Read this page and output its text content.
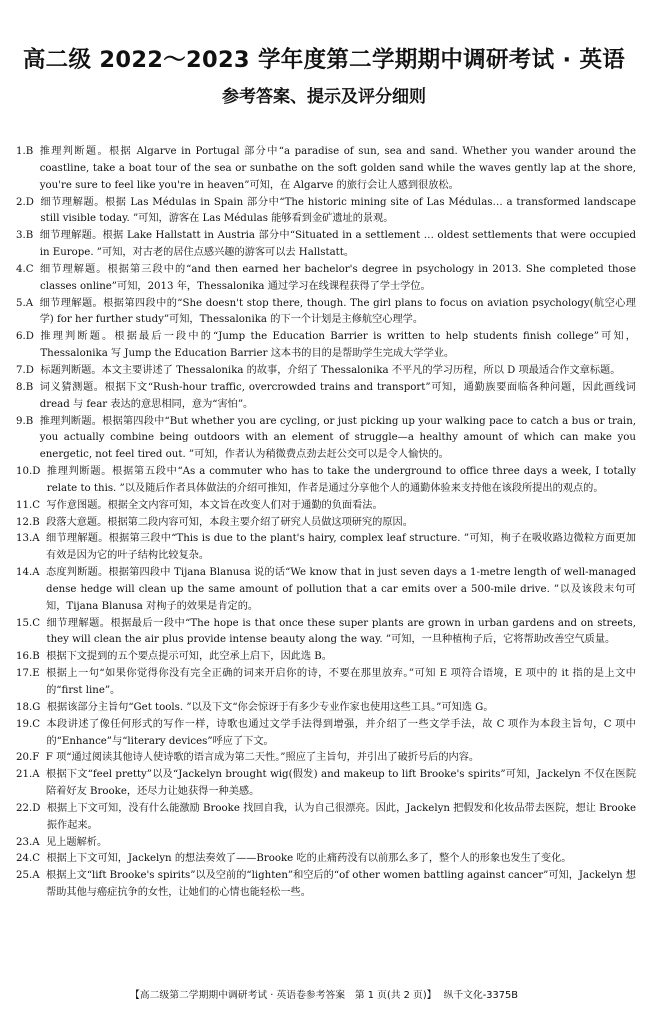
高二级 2022～2023 学年度第二学期期中调研考试 · 英语
参考答案、提示及评分细则
1.B 推理判断题。根据 Algarve in Portugal 部分中“a paradise of sun, sea and sand. Whether you wander around the coastline, take a boat tour of the sea or sunbathe on the soft golden sand while the waves gently lap at the shore, you're sure to feel like you're in heaven”可知，在 Algarve 的旅行会让人感到很放松。
2.D 细节理解题。根据 Las Médulas in Spain 部分中“The historic mining site of Las Médulas… a transformed landscape still visible today. ”可知，游客在 Las Médulas 能够看到金矿遗址的景观。
3.B 细节理解题。根据 Lake Hallstatt in Austria 部分中“Situated in a settlement … oldest settlements that were occupied in Europe. ”可知，对古老的居住点感兴趣的游客可以去 Hallstatt。
4.C 细节理解题。根据第三段中的“and then earned her bachelor's degree in psychology in 2013. She completed those classes online”可知，2013 年，Thessalonika 通过学习在线课程获得了学士学位。
5.A 细节理解题。根据第四段中的“She doesn't stop there, though. The girl plans to focus on aviation psychology(航空心理学) for her further study”可知，Thessalonika 的下一个计划是主修航空心理学。
6.D 推理判断题。根据最后一段中的“Jump the Education Barrier is written to help students finish college”可知，Thessalonika 写 Jump the Education Barrier 这本书的目的是帮助学生完成大学学业。
7.D 标题判断题。本文主要讲述了 Thessalonika 的故事，介绍了 Thessalonika 不平凡的学习历程，所以 D 项最适合作文章标题。
8.B 词义猜测题。根据下文“Rush-hour traffic, overcrowded trains and transport”可知，通勤族要面临各种问题，因此画线词 dread 与 fear 表达的意思相同，意为“害怕”。
9.B 推理判断题。根据第四段中“But whether you are cycling, or just picking up your walking pace to catch a bus or train, you actually combine being outdoors with an element of struggle—a healthy amount of which can make you energetic, not feel tired out. ”可知，作者认为稍微费点劲去赶公交可以是令人愉快的。
10.D 推理判断题。根据第五段中“As a commuter who has to take the underground to office three days a week, I totally relate to this. ”以及随后作者具体做法的介绍可推知，作者是通过分享他个人的通勤体验来支持他在该段所提出的观点的。
11.C 写作意图题。根据全文内容可知，本文旨在改变人们对于通勤的负面看法。
12.B 段落大意题。根据第二段内容可知，本段主要介绍了研究人员做这项研究的原因。
13.A 细节理解题。根据第三段中“This is due to the plant's hairy, complex leaf structure. ”可知，栒子在吸收路边微粒方面更加有效是因为它的叶子结构比较复杂。
14.A 态度判断题。根据第四段中 Tijana Blanusa 说的话“We know that in just seven days a 1-metre length of well-managed dense hedge will clean up the same amount of pollution that a car emits over a 500-mile drive. ”以及该段末句可知，Tijana Blanusa 对栒子的效果是肯定的。
15.C 细节理解题。根据最后一段中“The hope is that once these super plants are grown in urban gardens and on streets, they will clean the air plus provide intense beauty along the way. ”可知，一旦种植栒子后，它将帮助改善空气质量。
16.B 根据下文提到的五个要点提示可知，此空承上启下，因此选 B。
17.E 根据上一句“如果你觉得你没有完全正确的词来开启你的诗，不要在那里放弃。”可知 E 项符合语境，E 项中的 it 指的是上文中的“first line”。
18.G 根据该部分主旨句“Get tools. ”以及下文“你会惊讶于有多少专业作家也使用这些工具。”可知选 G。
19.C 本段讲述了像任何形式的写作一样，诗歌也通过文学手法得到增强，并介绍了一些文学手法，故 C 项作为本段主旨句，C 项中的“Enhance”与“literary devices”呼应了下文。
20.F F 项“通过阅读其他诗人使诗歌的语言成为第二天性。”照应了主旨句，并引出了破折号后的内容。
21.A 根据下文“feel pretty”以及“Jackelyn brought wig(假发) and makeup to lift Brooke's spirits”可知，Jackelyn 不仅在医院陪着好友 Brooke，还尽力让她获得一种美感。
22.D 根据上下文可知，没有什么能激励 Brooke 找回自我，认为自己很漂亮。因此，Jackelyn 把假发和化妆品带去医院，想让 Brooke 振作起来。
23.A 见上题解析。
24.C 根据上下文可知，Jackelyn 的想法奏效了——Brooke 吃的止痛药没有以前那么多了，整个人的形象也发生了变化。
25.A 根据上文“lift Brooke's spirits”以及空前的“lighten”和空后的“of other women battling against cancer”可知，Jackelyn 想帮助其他与癌症抗争的女性，让她们的心情也能轻松一些。
【高二级第二学期期中调研考试 · 英语卷参考答案　第 1 页(共 2 页)】 纵千文化-3375B
